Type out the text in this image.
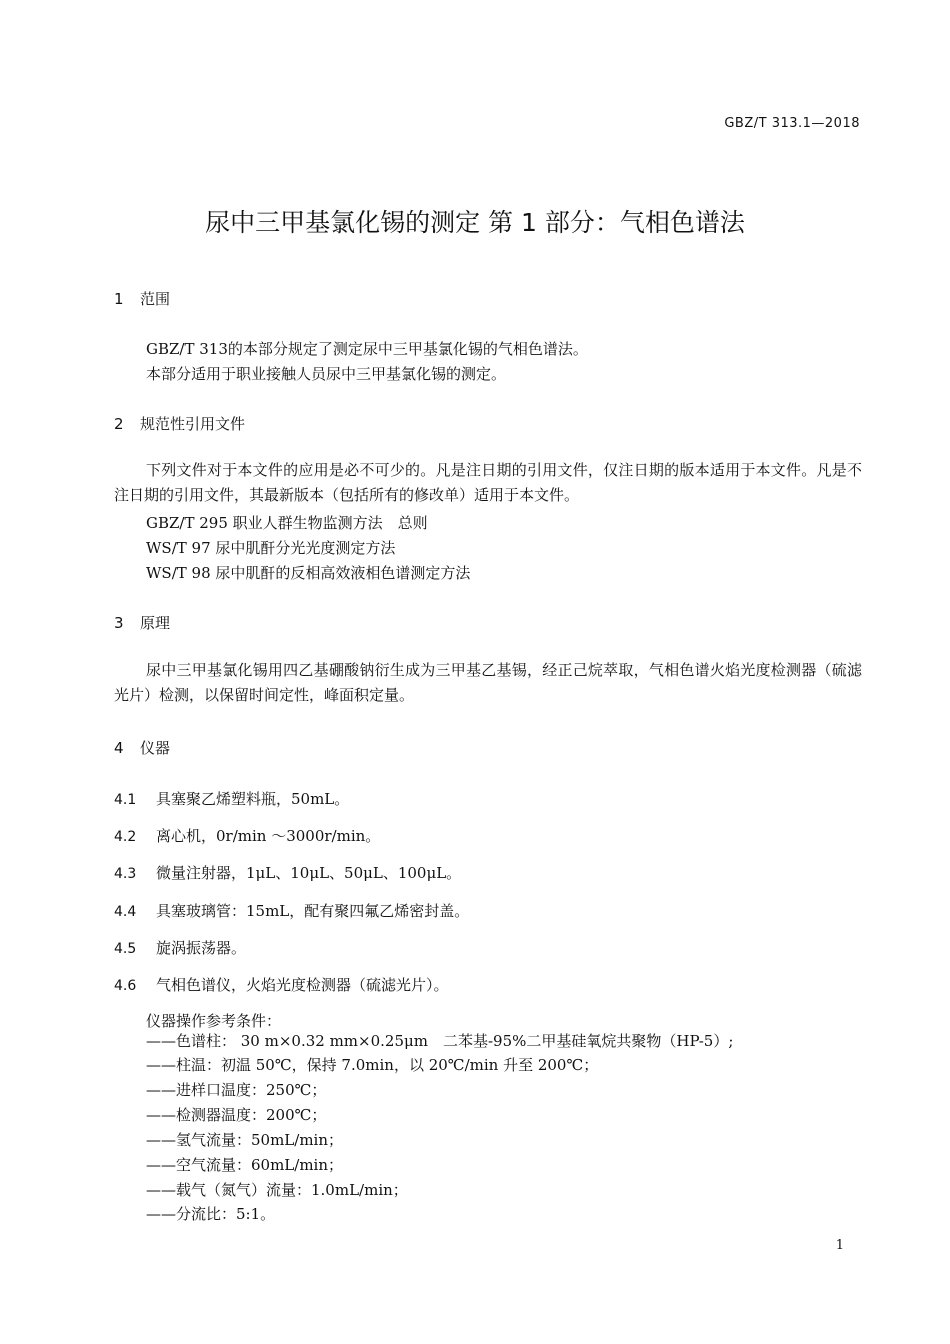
GBZ/T 313.1—2018
尿中三甲基氯化锡的测定 第 1 部分：气相色谱法
1 范围
GBZ/T 313的本部分规定了测定尿中三甲基氯化锡的气相色谱法。
本部分适用于职业接触人员尿中三甲基氯化锡的测定。
2 规范性引用文件
下列文件对于本文件的应用是必不可少的。凡是注日期的引用文件，仅注日期的版本适用于本文件。凡是不注日期的引用文件，其最新版本（包括所有的修改单）适用于本文件。
GBZ/T 295 职业人群生物监测方法　总则
WS/T 97 尿中肌酐分光光度测定方法
WS/T 98 尿中肌酐的反相高效液相色谱测定方法
3 原理
尿中三甲基氯化锡用四乙基硼酸钠衍生成为三甲基乙基锡，经正己烷萃取，气相色谱火焰光度检测器（硫滤光片）检测，以保留时间定性，峰面积定量。
4 仪器
4.1 具塞聚乙烯塑料瓶，50mL。
4.2 离心机，0r/min ～3000r/min。
4.3 微量注射器，1μL、10μL、50μL、100μL。
4.4 具塞玻璃管：15mL，配有聚四氟乙烯密封盖。
4.5 旋涡振荡器。
4.6 气相色谱仪，火焰光度检测器（硫滤光片）。
仪器操作参考条件：
——色谱柱： 30 m×0.32 mm×0.25μm　二苯基-95%二甲基硅氧烷共聚物（HP-5）;
——柱温：初温 50℃，保持 7.0min，以 20℃/min 升至 200℃；
——进样口温度：250℃；
——检测器温度：200℃；
——氢气流量：50mL/min；
——空气流量：60mL/min；
——载气（氮气）流量：1.0mL/min；
——分流比：5:1。
1
